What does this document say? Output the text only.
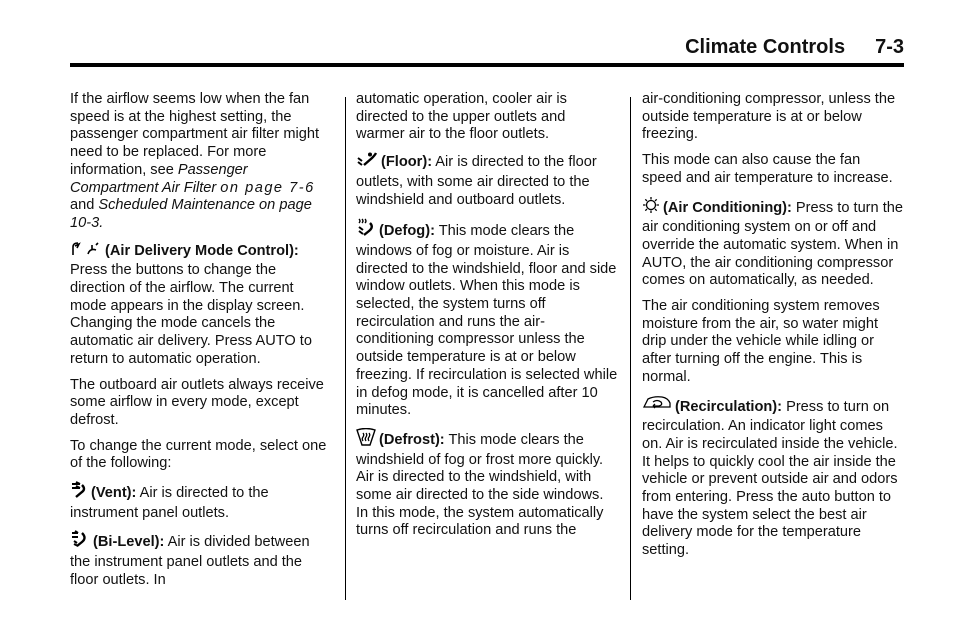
Climate Controls 7-3

If the airflow seems low when the fan speed is at the highest setting, the passenger compartment air filter might need to be replaced. For more information, see Passenger Compartment Air Filter on page 7-6 and Scheduled Maintenance on page 10-3.

(Air Delivery Mode Control): Press the buttons to change the direction of the airflow. The current mode appears in the display screen. Changing the mode cancels the automatic air delivery. Press AUTO to return to automatic operation.

The outboard air outlets always receive some airflow in every mode, except defrost.

To change the current mode, select one of the following:

(Vent): Air is directed to the instrument panel outlets.

(Bi-Level): Air is divided between the instrument panel outlets and the floor outlets. In

automatic operation, cooler air is directed to the upper outlets and warmer air to the floor outlets.

(Floor): Air is directed to the floor outlets, with some air directed to the windshield and outboard outlets.

(Defog): This mode clears the windows of fog or moisture. Air is directed to the windshield, floor and side window outlets. When this mode is selected, the system turns off recirculation and runs the air-conditioning compressor unless the outside temperature is at or below freezing. If recirculation is selected while in defog mode, it is cancelled after 10 minutes.

(Defrost): This mode clears the windshield of fog or frost more quickly. Air is directed to the windshield, with some air directed to the side windows. In this mode, the system automatically turns off recirculation and runs the

air-conditioning compressor, unless the outside temperature is at or below freezing.

This mode can also cause the fan speed and air temperature to increase.

(Air Conditioning): Press to turn the air conditioning system on or off and override the automatic system. When in AUTO, the air conditioning compressor comes on automatically, as needed.

The air conditioning system removes moisture from the air, so water might drip under the vehicle while idling or after turning off the engine. This is normal.

(Recirculation): Press to turn on recirculation. An indicator light comes on. Air is recirculated inside the vehicle. It helps to quickly cool the air inside the vehicle or prevent outside air and odors from entering. Press the auto button to have the system select the best air delivery mode for the temperature setting.
